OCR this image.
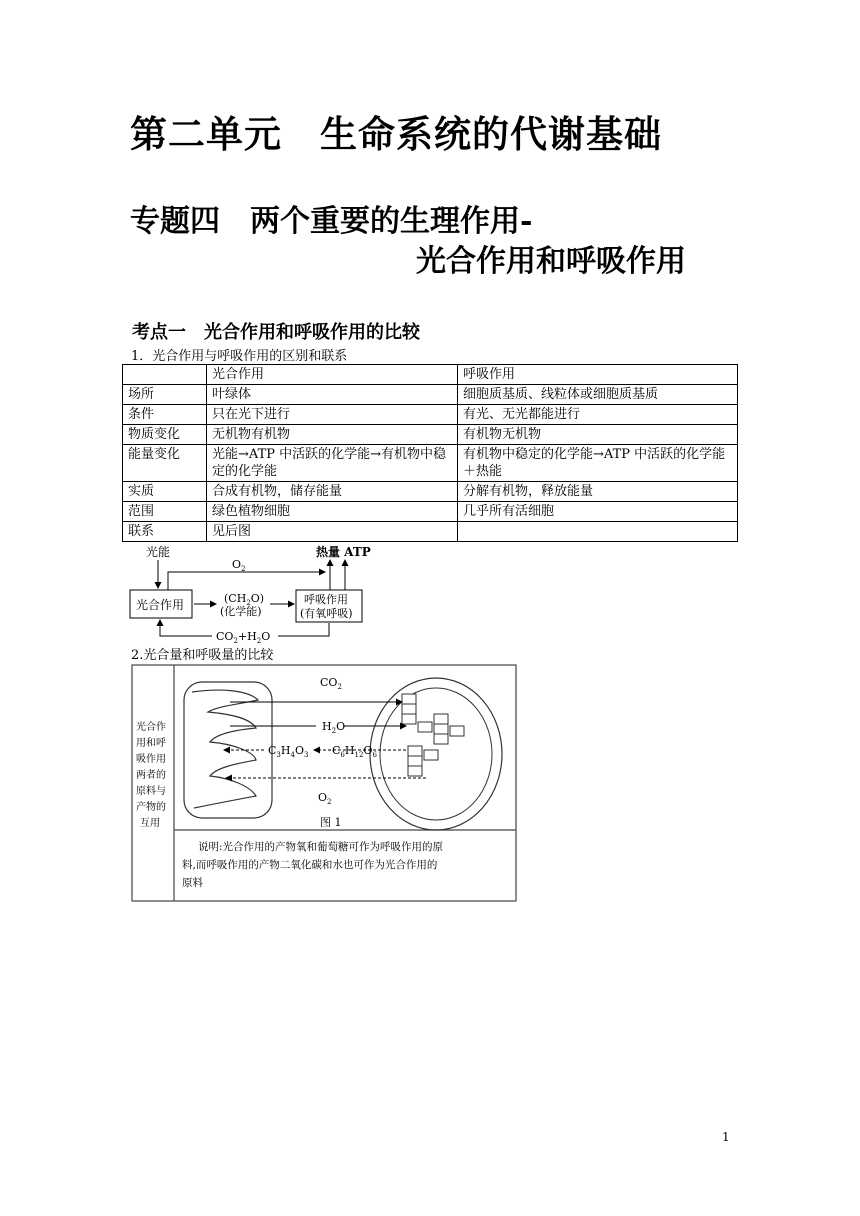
第二单元　生命系统的代谢基础
专题四　两个重要的生理作用-
光合作用和呼吸作用
考点一　光合作用和呼吸作用的比较
1．光合作用与呼吸作用的区别和联系
	光合作用	呼吸作用
场所	叶绿体	细胞质基质、线粒体或细胞质基质
条件	只在光下进行	有光、无光都能进行
物质变化	无机物有机物	有机物无机物
能量变化	光能→ATP 中活跃的化学能→有机物中稳定的化学能	有机物中稳定的化学能→ATP 中活跃的化学能＋热能
实质	合成有机物，储存能量	分解有机物，释放能量
范围	绿色植物细胞	几乎所有活细胞
联系	见后图	
光能
$O_2$
热量 ATP
光合作用	$(CH_2O)$
(化学能)
呼吸作用
(有氧呼吸)
$CO_2+H_2O$
2.光合量和呼吸量的比较
光合作
用和呼
吸作用
两者的
原料与
产物的
互用
$CO_2$
$H_2O$
$C_3H_4O_3$ $C_6H_{12}O_6$
$O_2$
图 1
说明:光合作用的产物氧和葡萄糖可作为呼吸作用的原
料,而呼吸作用的产物二氧化碳和水也可作为光合作用的
原料
1
